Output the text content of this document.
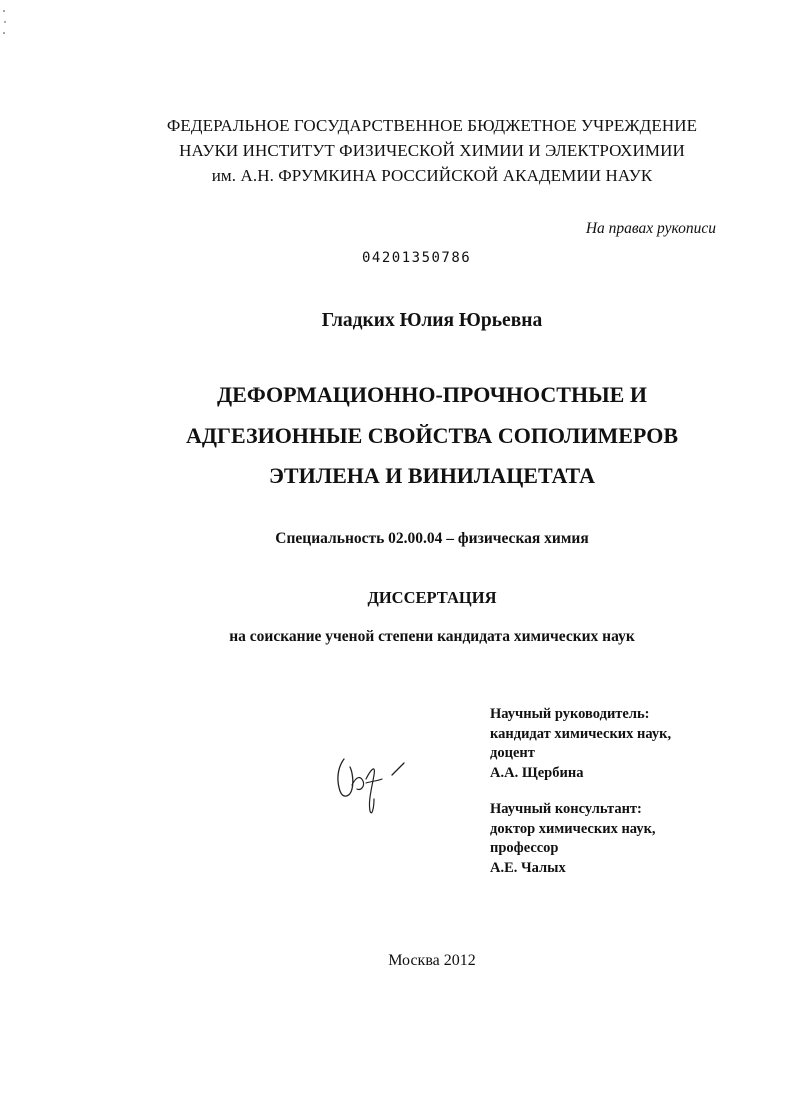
ФЕДЕРАЛЬНОЕ ГОСУДАРСТВЕННОЕ БЮДЖЕТНОЕ УЧРЕЖДЕНИЕ
НАУКИ ИНСТИТУТ ФИЗИЧЕСКОЙ ХИМИИ И ЭЛЕКТРОХИМИИ
им. А.Н. ФРУМКИНА РОССИЙСКОЙ АКАДЕМИИ НАУК
На правах рукописи
04201350786
Гладких Юлия Юрьевна
ДЕФОРМАЦИОННО-ПРОЧНОСТНЫЕ И
АДГЕЗИОННЫЕ СВОЙСТВА СОПОЛИМЕРОВ
ЭТИЛЕНА И ВИНИЛАЦЕТАТА
Специальность 02.00.04 – физическая химия
ДИССЕРТАЦИЯ
на соискание ученой степени кандидата химических наук
Научный руководитель:
кандидат химических наук,
доцент
А.А. Щербина
Научный консультант:
доктор химических наук,
профессор
А.Е. Чалых
Москва 2012
